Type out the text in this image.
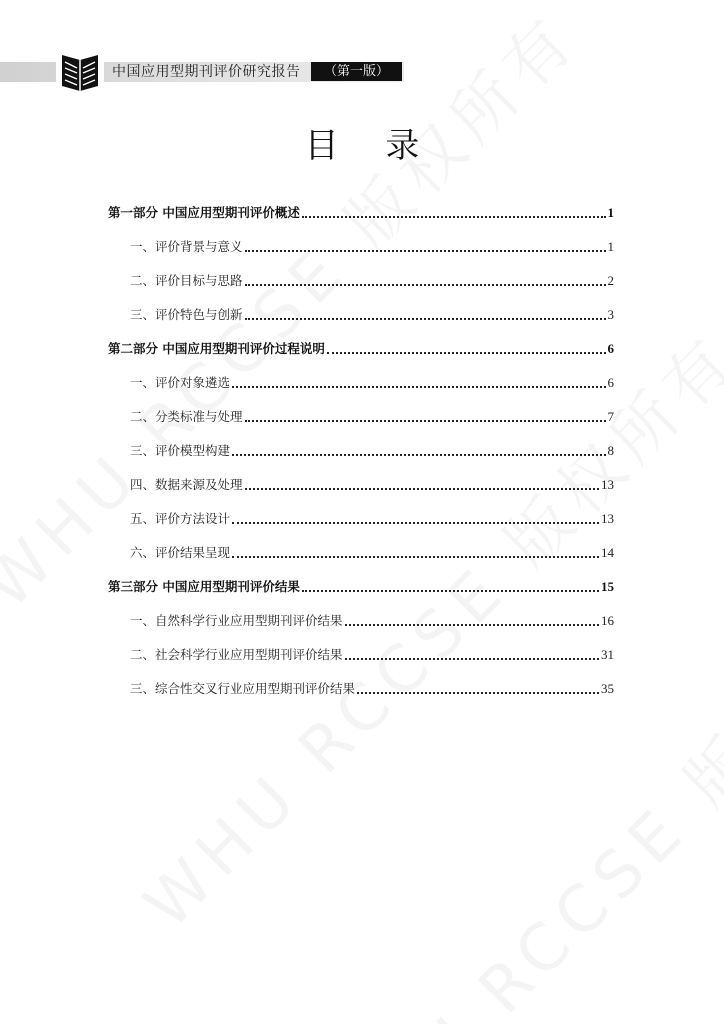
中国应用型期刊评价研究报告	（第一版）
目 录
第一部分 中国应用型期刊评价概述	1
一、评价背景与意义	1
二、评价目标与思路	2
三、评价特色与创新	3
第二部分 中国应用型期刊评价过程说明	6
一、评价对象遴选	6
二、分类标准与处理	7
三、评价模型构建	8
四、数据来源及处理	13
五、评价方法设计	13
六、评价结果呈现	14
第三部分 中国应用型期刊评价结果	15
一、自然科学行业应用型期刊评价结果	16
二、社会科学行业应用型期刊评价结果	31
三、综合性交叉行业应用型期刊评价结果	35
